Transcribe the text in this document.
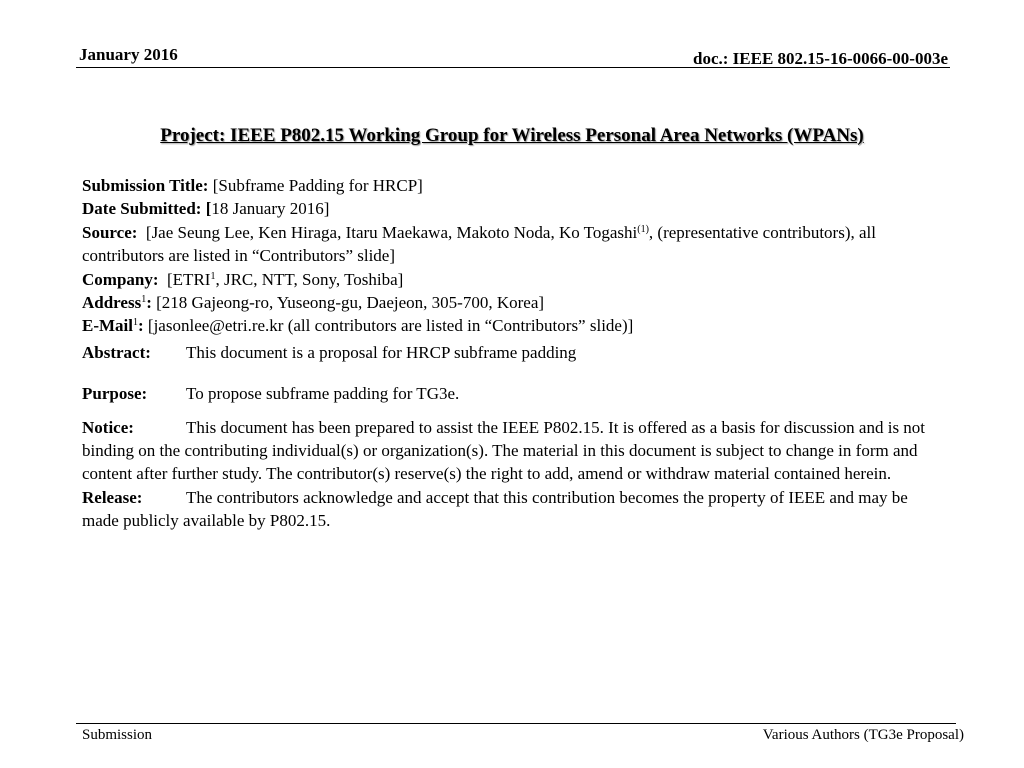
January 2016	doc.: IEEE 802.15-16-0066-00-003e
Project: IEEE P802.15 Working Group for Wireless Personal Area Networks (WPANs)

Submission Title: [Subframe Padding for HRCP]

Date Submitted: [18 January 2016]

Source: [Jae Seung Lee, Ken Hiraga, Itaru Maekawa, Makoto Noda, Ko Togashi$^{(1)}$, (representative contributors), all contributors are listed in “Contributors” slide]

Company: [ETRI$^1$, JRC, NTT, Sony, Toshiba]

Address$^1$: [218 Gajeong-ro, Yuseong-gu, Daejeon, 305-700, Korea]

E-Mail$^1$: [jasonlee@etri.re.kr (all contributors are listed in “Contributors” slide)]

Abstract: This document is a proposal for HRCP subframe padding

Purpose: To propose subframe padding for TG3e.

Notice:	This document has been prepared to assist the IEEE P802.15. It is offered as a basis for discussion and is not binding on the contributing individual(s) or organization(s). The material in this document is subject to change in form and content after further study. The contributor(s) reserve(s) the right to add, amend or withdraw material contained herein.

Release:	The contributors acknowledge and accept that this contribution becomes the property of IEEE and may be made publicly available by P802.15.

Submission	Various Authors (TG3e Proposal)
